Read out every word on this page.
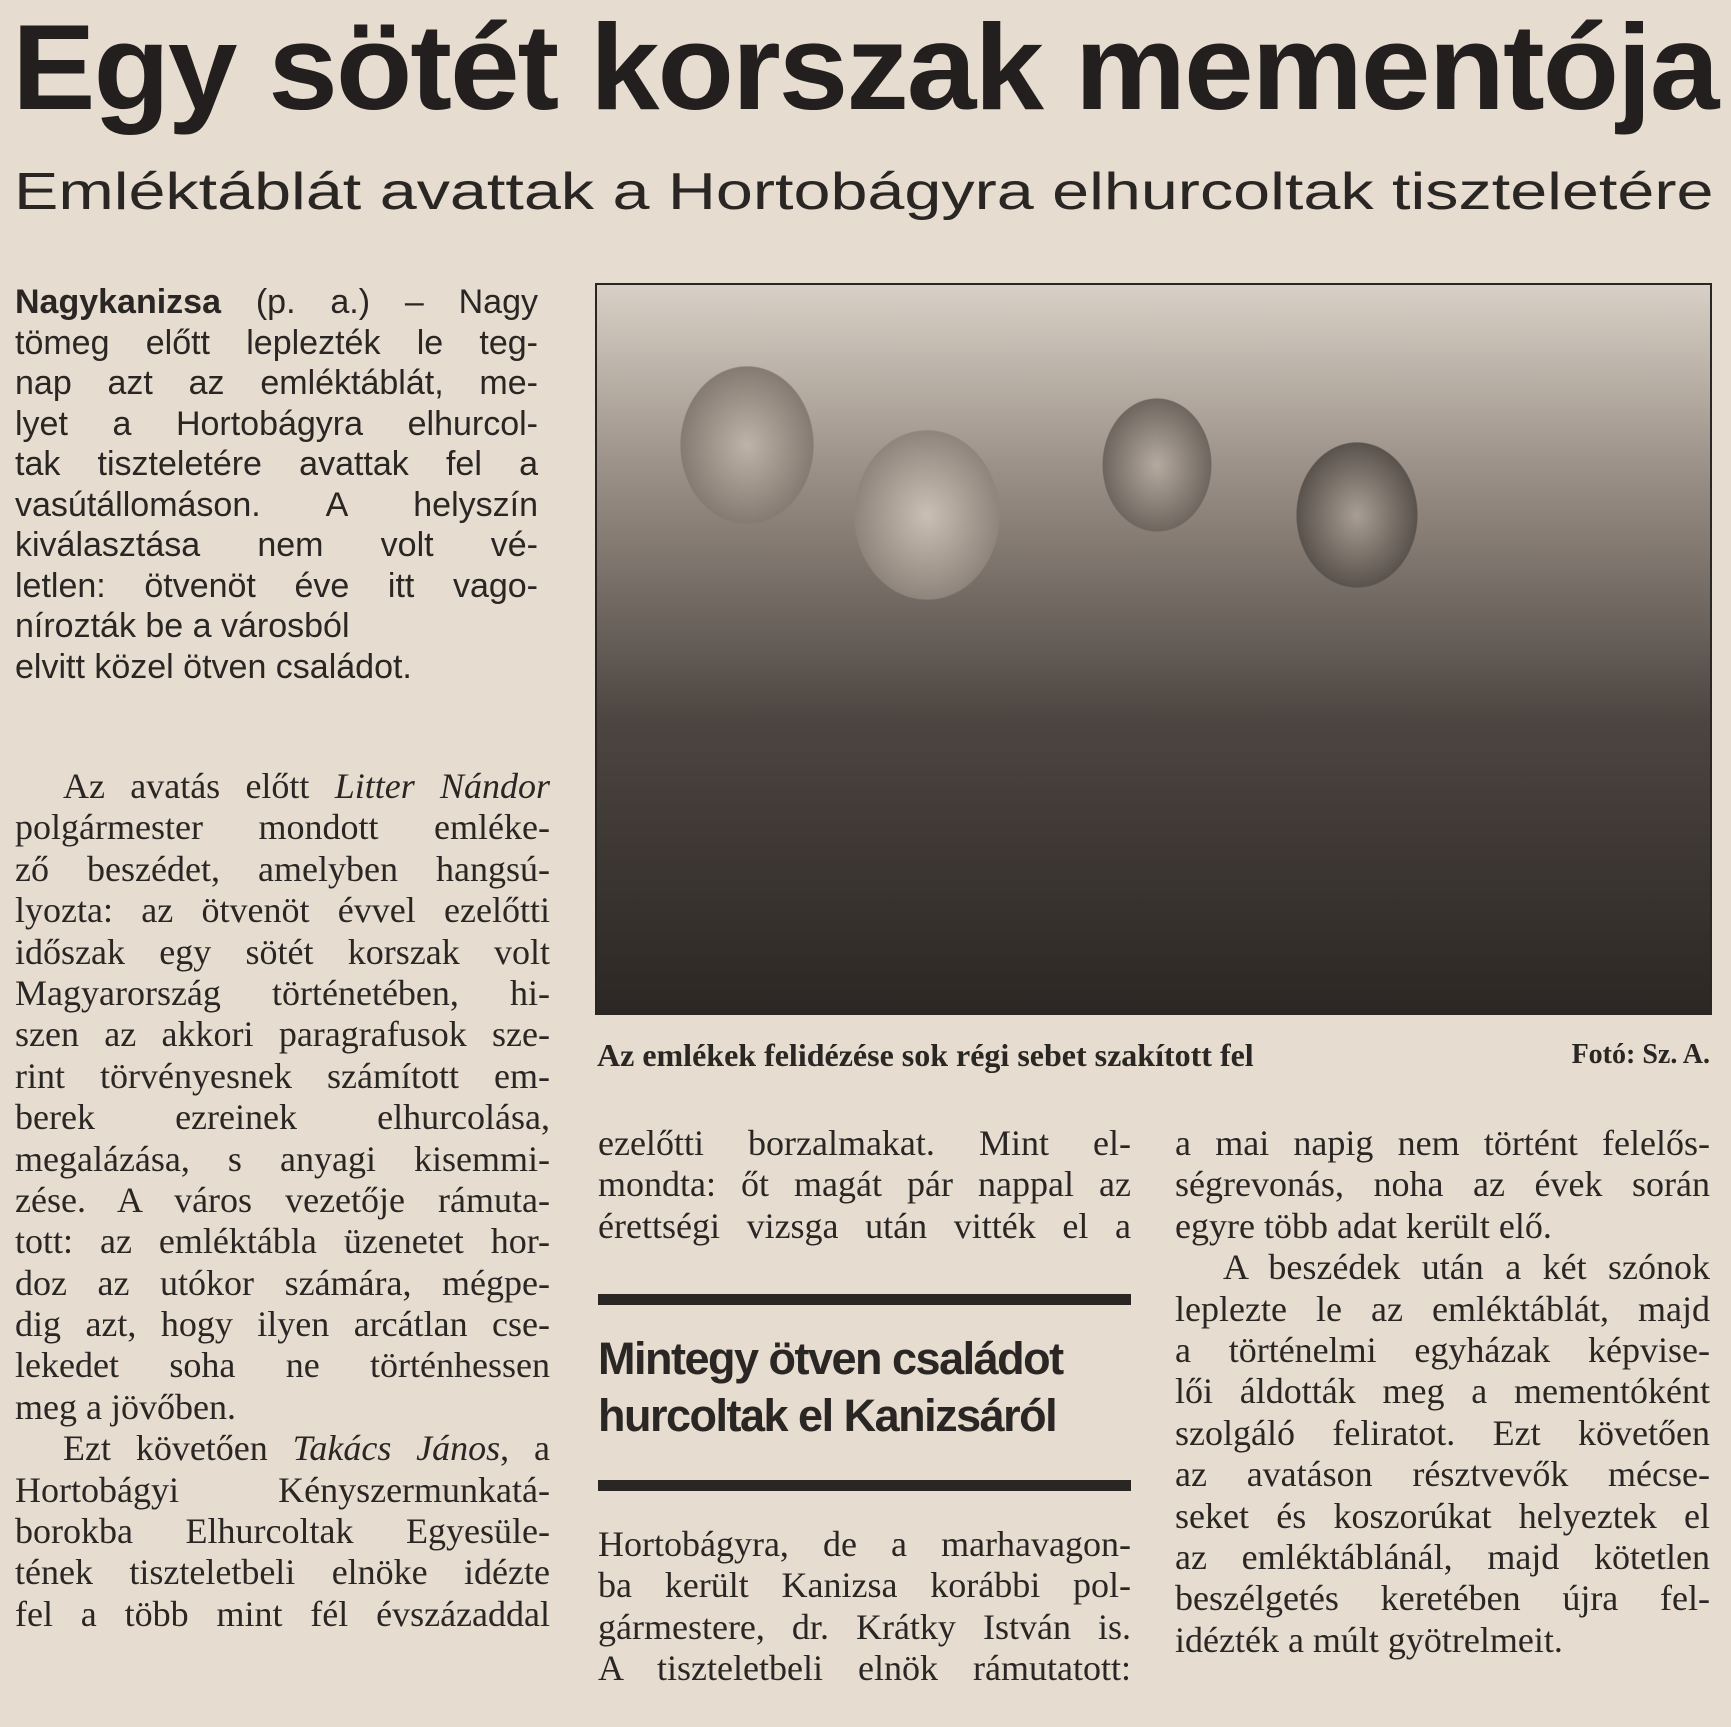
Egy sötét korszak mementója
Emléktáblát avattak a Hortobágyra elhurcoltak tiszteletére
Nagykanizsa (p. a.) – Nagy
tömeg előtt leplezték le teg-
nap azt az emléktáblát, me-
lyet a Hortobágyra elhurcol-
tak tiszteletére avattak fel a
vasútállomáson. A helyszín
kiválasztása nem volt vé-
letlen: ötvenöt éve itt vago-
nírozták be a városból
elvitt közel ötven családot.
Az avatás előtt Litter Nándor
polgármester mondott emléke-
ző beszédet, amelyben hangsú-
lyozta: az ötvenöt évvel ezelőtti
időszak egy sötét korszak volt
Magyarország történetében, hi-
szen az akkori paragrafusok sze-
rint törvényesnek számított em-
berek ezreinek elhurcolása,
megalázása, s anyagi kisemmi-
zése. A város vezetője rámuta-
tott: az emléktábla üzenetet hor-
doz az utókor számára, mégpe-
dig azt, hogy ilyen arcátlan cse-
lekedet soha ne történhessen
meg a jövőben.
Ezt követően Takács János, a
Hortobágyi Kényszermunkatá-
borokba Elhurcoltak Egyesüle-
tének tiszteletbeli elnöke idézte
fel a több mint fél évszázaddal
Az emlékek felidézése sok régi sebet szakított fel	Fotó: Sz. A.
ezelőtti borzalmakat. Mint el-
mondta: őt magát pár nappal az
érettségi vizsga után vitték el a
Mintegy ötven családot
hurcoltak el Kanizsáról
Hortobágyra, de a marhavagon-
ba került Kanizsa korábbi pol-
gármestere, dr. Krátky István is.
A tiszteletbeli elnök rámutatott:
a mai napig nem történt felelős-
ségrevonás, noha az évek során
egyre több adat került elő.
A beszédek után a két szónok
leplezte le az emléktáblát, majd
a történelmi egyházak képvise-
lői áldották meg a mementóként
szolgáló feliratot. Ezt követően
az avatáson résztvevők mécse-
seket és koszorúkat helyeztek el
az emléktáblánál, majd kötetlen
beszélgetés keretében újra fel-
idézték a múlt gyötrelmeit.
